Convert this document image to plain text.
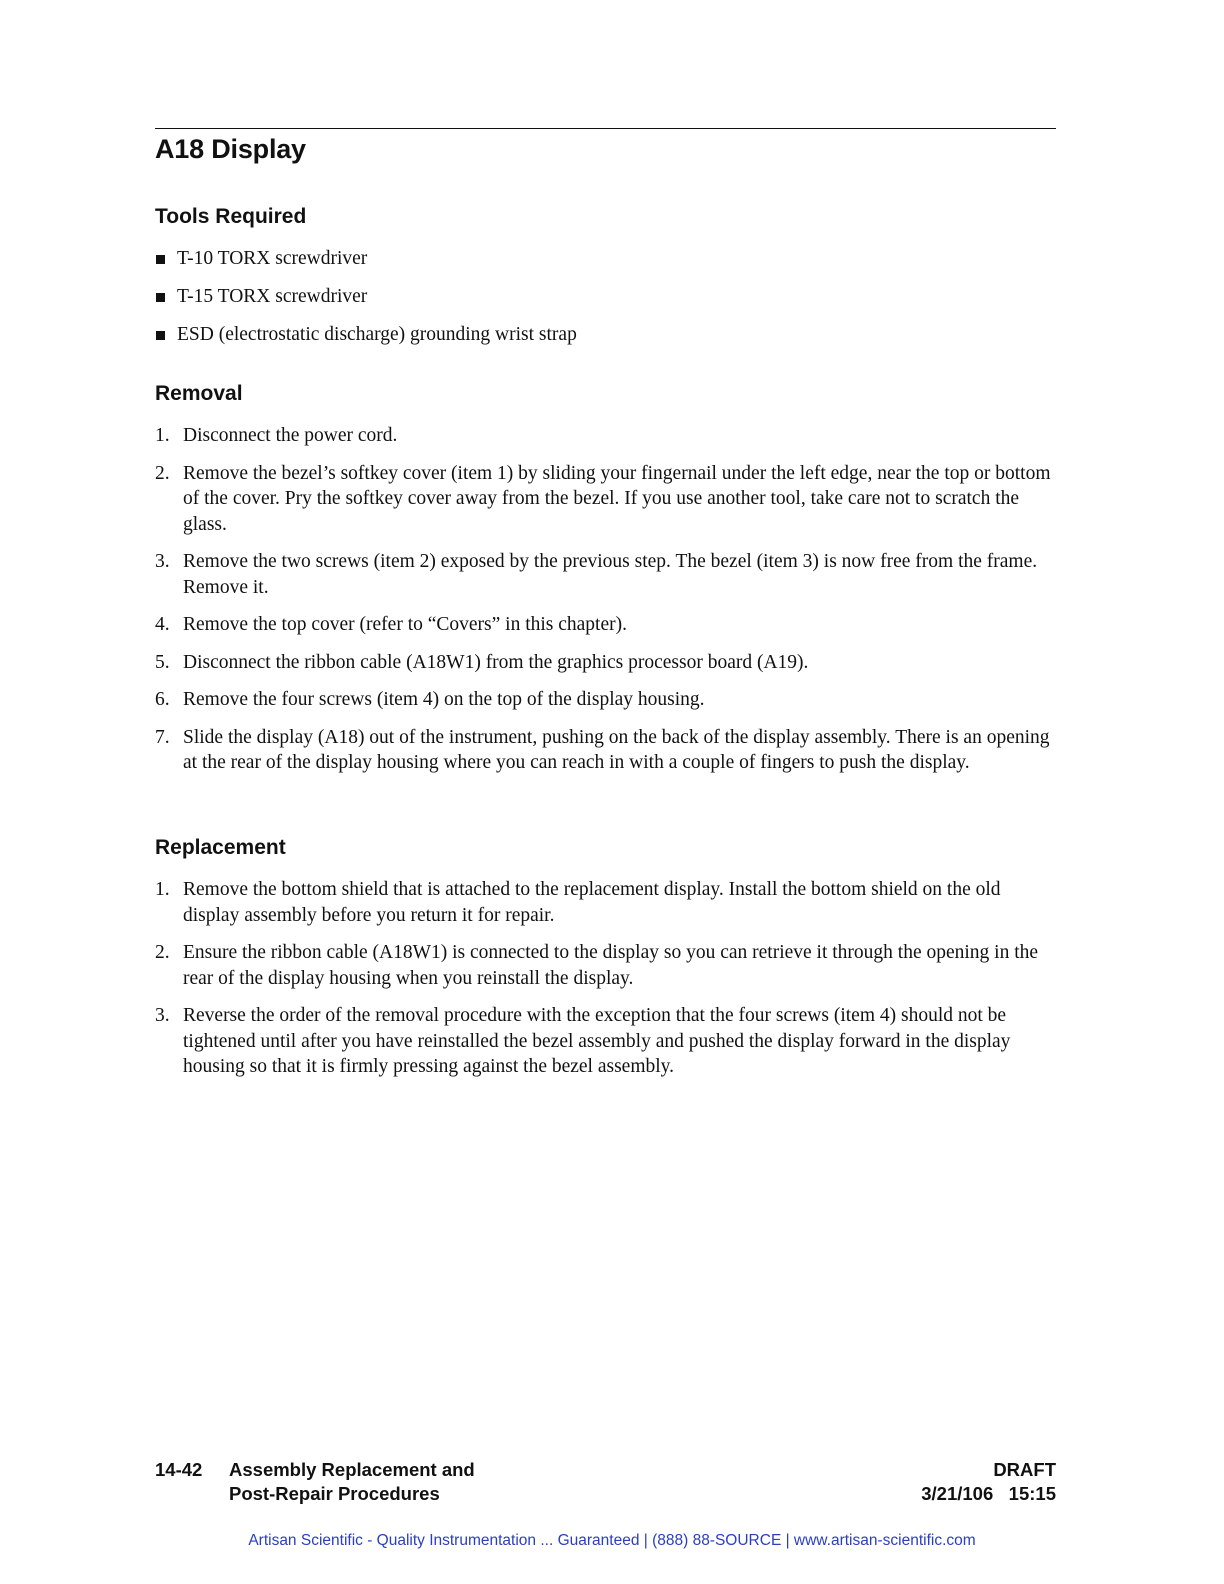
A18 Display
Tools Required
T-10 TORX screwdriver
T-15 TORX screwdriver
ESD (electrostatic discharge) grounding wrist strap
Removal
1. Disconnect the power cord.
2. Remove the bezel’s softkey cover (item 1) by sliding your fingernail under the left edge, near the top or bottom of the cover. Pry the softkey cover away from the bezel. If you use another tool, take care not to scratch the glass.
3. Remove the two screws (item 2) exposed by the previous step. The bezel (item 3) is now free from the frame. Remove it.
4. Remove the top cover (refer to “Covers” in this chapter).
5. Disconnect the ribbon cable (A18W1) from the graphics processor board (A19).
6. Remove the four screws (item 4) on the top of the display housing.
7. Slide the display (A18) out of the instrument, pushing on the back of the display assembly. There is an opening at the rear of the display housing where you can reach in with a couple of fingers to push the display.
Replacement
1. Remove the bottom shield that is attached to the replacement display. Install the bottom shield on the old display assembly before you return it for repair.
2. Ensure the ribbon cable (A18W1) is connected to the display so you can retrieve it through the opening in the rear of the display housing when you reinstall the display.
3. Reverse the order of the removal procedure with the exception that the four screws (item 4) should not be tightened until after you have reinstalled the bezel assembly and pushed the display forward in the display housing so that it is firmly pressing against the bezel assembly.
14-42 Assembly Replacement and
Post-Repair Procedures
DRAFT
3/21/106 15:15
Artisan Scientific - Quality Instrumentation ... Guaranteed | (888) 88-SOURCE | www.artisan-scientific.com
